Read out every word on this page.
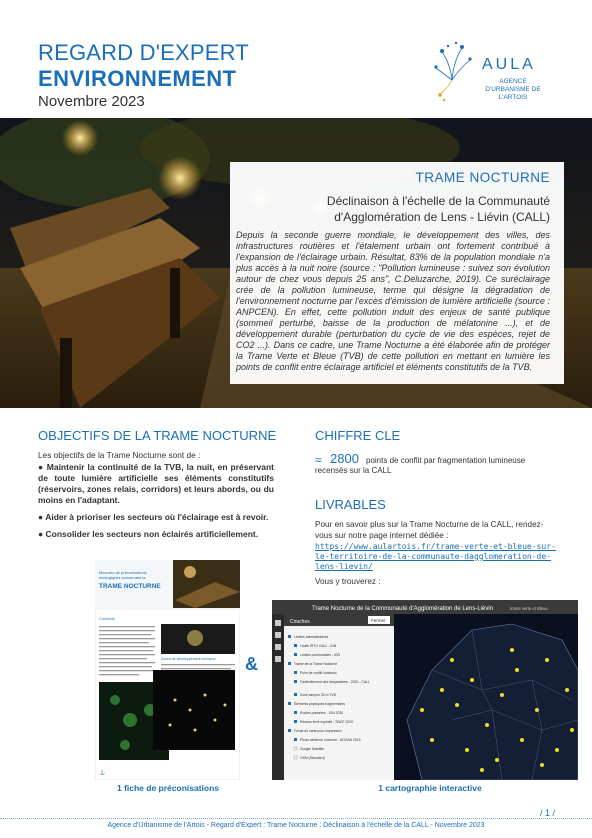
REGARD D'EXPERT
ENVIRONNEMENT
Novembre 2023
AULA
AGENCE D'URBANISME DE L'ARTOIS
TRAME NOCTURNE
Déclinaison à l'échelle de la Communauté d'Agglomération de Lens - Liévin (CALL)
Depuis la seconde guerre mondiale, le développement des villes, des infrastructures routières et l'étalement urbain ont fortement contribué à l'expansion de l'éclairage urbain. Résultat, 83% de la population mondiale n'a plus accès à la nuit noire (source : "Pollution lumineuse : suivez son évolution autour de chez vous depuis 25 ans", C.Deluzarche, 2019). Ce suréclairage crée de la pollution lumineuse, terme qui désigne la dégradation de l'environnement nocturne par l'excès d'émission de lumière artificielle (source : ANPCEN). En effet, cette pollution induit des enjeux de santé publique (sommeil perturbé, baisse de la production de mélatonine ...), et de développement durable (perturbation du cycle de vie des espèces, rejet de CO2 ...). Dans ce cadre, une Trame Nocturne a été élaborée afin de protéger la Trame Verte et Bleue (TVB) de cette pollution en mettant en lumière les points de conflit entre éclairage artificiel et éléments constitutifs de la TVB.
OBJECTIFS DE LA TRAME NOCTURNE
Les objectifs de la Trame Nocturne sont de :
● Maintenir la continuité de la TVB, la nuit, en préservant de toute lumière artificielle ses éléments constitutifs (réservoirs, zones relais, corridors) et leurs abords, ou du moins en l'adaptant.
● Aider à prioriser les secteurs où l'éclairage est à revoir.
● Consolider les secteurs non éclairés artificiellement.
CHIFFRE CLE
≈ 2800 points de conflit par fragmentation lumineuse
recensés sur la CALL
LIVRABLES
Pour en savoir plus sur la Trame Nocturne de la CALL, rendez-vous sur notre page internet dédiée :
https://www.aulartois.fr/trame-verte-et-bleue-sur-le-territoire-de-la-communaute-dagglomeration-de-lens-lievin/
Vous y trouverez :
Mesures de préconisations
écologiques concernant la
TRAME NOCTURNE
Contexte
Zones de développement lumineux
⚓
&
Trame Nocturne de la Communauté d'Agglomération de Lens-Liévin	trame verte et Bleue
Couches	Fermer
Limites administratives
Limite EPCI CALL - IGN
Limites communales - IGN
Trame de la Trame Nocturne
Point de conflit lumineux
Géolimitement des lampadaires - 2020 - CALL
Zone tampon 30 m TVB
Éléments physiques fragmentants
Routes primaires - IGN 2020
Réseau ferré exploité - SNCF 2020
Fonds de carte pour impression
Photo aérienne nocturne - AOCAN 2015
Google Satellite
OSM (Standard)
1 fiche de préconisations	1 cartographie interactive
/ 1 /
Agence d'Urbanisme de l'Artois - Regard d'Expert : Trame Nocturne : Déclinaison à l'échelle de la CALL - Novembre 2023
